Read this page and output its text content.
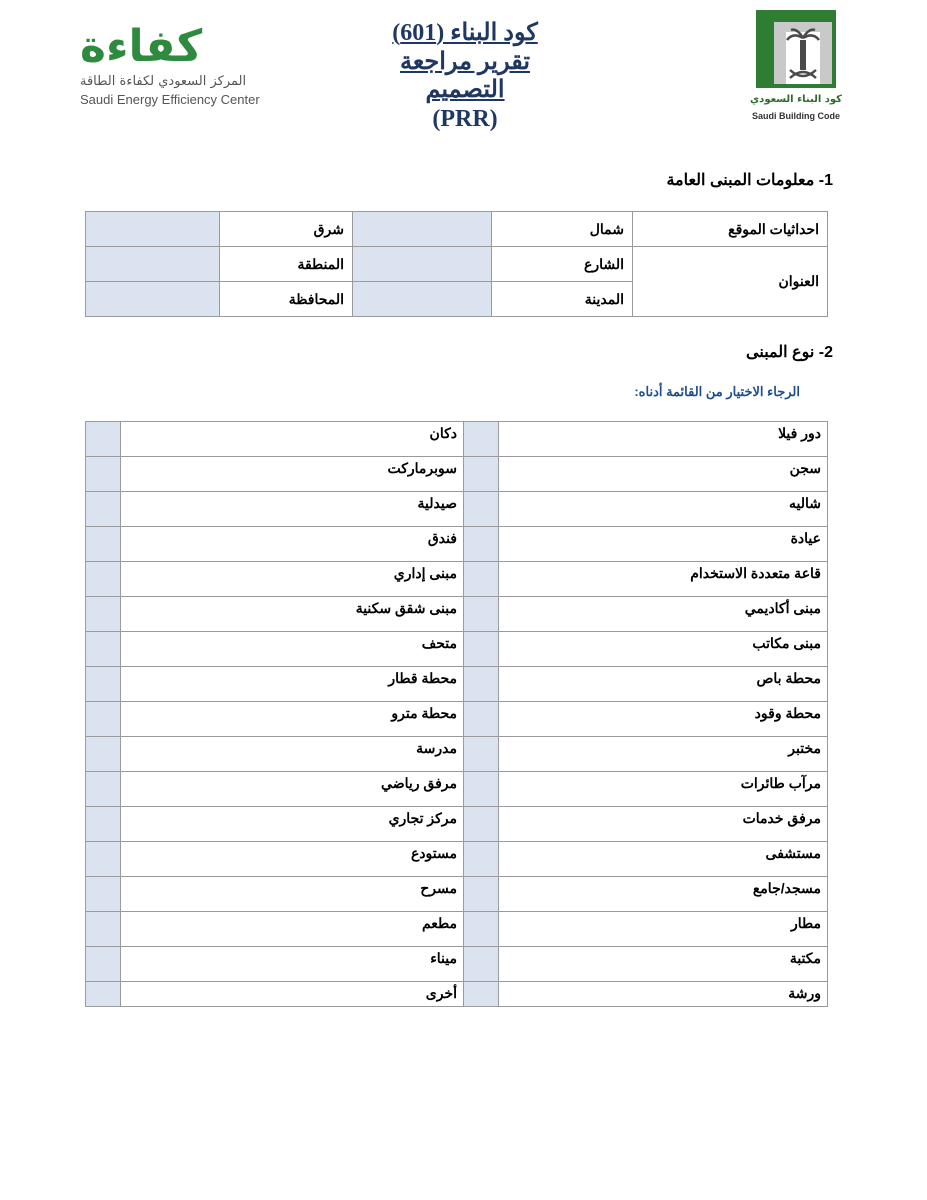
كفاءة
المركز السعودي لكفاءة الطاقة
Saudi Energy Efficiency Center
كود البناء (601)
تقرير مراجعة التصميم
(PRR)
كود البناء السعودي
Saudi Building Code
1- معلومات المبنى العامة
	شرق		شمال	احداثيات الموقع
	المنطقة		الشارع	العنوان
	المحافظة		المدينة	
2- نوع المبنى
الرجاء الاختيار من القائمة أدناه:
	دكان		دور فيلا
	سوبرماركت		سجن
	صيدلية		شاليه
	فندق		عيادة
	مبنى إداري		قاعة متعددة الاستخدام
	مبنى شقق سكنية		مبنى أكاديمي
	متحف		مبنى مكاتب
	محطة قطار		محطة باص
	محطة مترو		محطة وقود
	مدرسة		مختبر
	مرفق رياضي		مرآب طائرات
	مركز تجاري		مرفق خدمات
	مستودع		مستشفى
	مسرح		مسجد/جامع
	مطعم		مطار
	ميناء		مكتبة
	أخرى		ورشة
